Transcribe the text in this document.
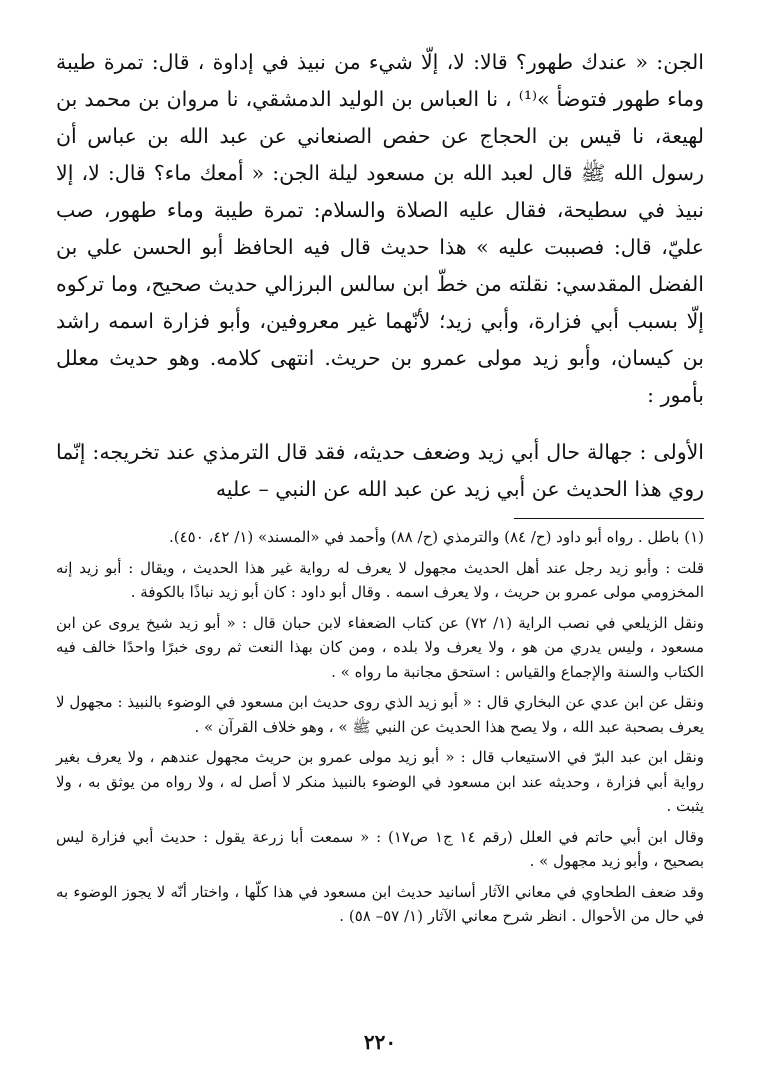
الجن: « عندك طهور؟ قالا: لا، إلّا شيء من نبيذ في إداوة ، قال: تمرة طيبة وماء طهور فتوضأ »⁽¹⁾ ، نا العباس بن الوليد الدمشقي، نا مروان بن محمد بن لهيعة، نا قيس بن الحجاج عن حفص الصنعاني عن عبد الله بن عباس أن رسول الله ﷺ قال لعبد الله بن مسعود ليلة الجن: « أمعك ماء؟ قال: لا، إلا نبيذ في سطيحة، فقال عليه الصلاة والسلام: تمرة طيبة وماء طهور، صب عليّ، قال: فصببت عليه » هذا حديث قال فيه الحافظ أبو الحسن علي بن الفضل المقدسي: نقلته من خطّ ابن سالس البرزالي حديث صحيح، وما تركوه إلّا بسبب أبي فزارة، وأبي زيد؛ لأنّهما غير معروفين، وأبو فزارة اسمه راشد بن كيسان، وأبو زيد مولى عمرو بن حريث. انتهى كلامه. وهو حديث معلل بأمور :

الأولى : جهالة حال أبي زيد وضعف حديثه، فقد قال الترمذي عند تخريجه: إنّما روي هذا الحديث عن أبي زيد عن عبد الله عن النبي – عليه

(١) باطل . رواه أبو داود (ح/ ٨٤) والترمذي (ح/ ٨٨) وأحمد في «المسند» (١/ ٤٢، ٤٥٠).

قلت : وأبو زيد رجل عند أهل الحديث مجهول لا يعرف له رواية غير هذا الحديث ، ويقال : أبو زيد إنه المخزومي مولى عمرو بن حريث ، ولا يعرف اسمه . وقال أبو داود : كان أبو زيد نباذًا بالكوفة .

ونقل الزيلعي في نصب الراية (١/ ٧٢) عن كتاب الضعفاء لابن حبان قال : « أبو زيد شيخ يروى عن ابن مسعود ، وليس يدري من هو ، ولا يعرف ولا بلده ، ومن كان بهذا النعت ثم روى خبرًا واحدًا خالف فيه الكتاب والسنة والإجماع والقياس : استحق مجانبة ما رواه » .

ونقل عن ابن عدي عن البخاري قال : « أبو زيد الذي روى حديث ابن مسعود في الوضوء بالنبيذ : مجهول لا يعرف بصحبة عبد الله ، ولا يصح هذا الحديث عن النبي ﷺ » ، وهو خلاف القرآن » .

ونقل ابن عبد البرّ في الاستيعاب قال : « أبو زيد مولى عمرو بن حريث مجهول عندهم ، ولا يعرف بغير رواية أبي فزارة ، وحديثه عند ابن مسعود في الوضوء بالنبيذ منكر لا أصل له ، ولا رواه من يوثق به ، ولا يثبت .

وقال ابن أبي حاتم في العلل (رقم ١٤ ج١ ص١٧) : « سمعت أبا زرعة يقول : حديث أبي فزارة ليس بصحيح ، وأبو زيد مجهول » .

وقد ضعف الطحاوي في معاني الآثار أسانيد حديث ابن مسعود في هذا كلّها ، واختار أنّه لا يجوز الوضوء به في حال من الأحوال . انظر شرح معاني الآثار (١/ ٥٧– ٥٨) .

٢٢٠
